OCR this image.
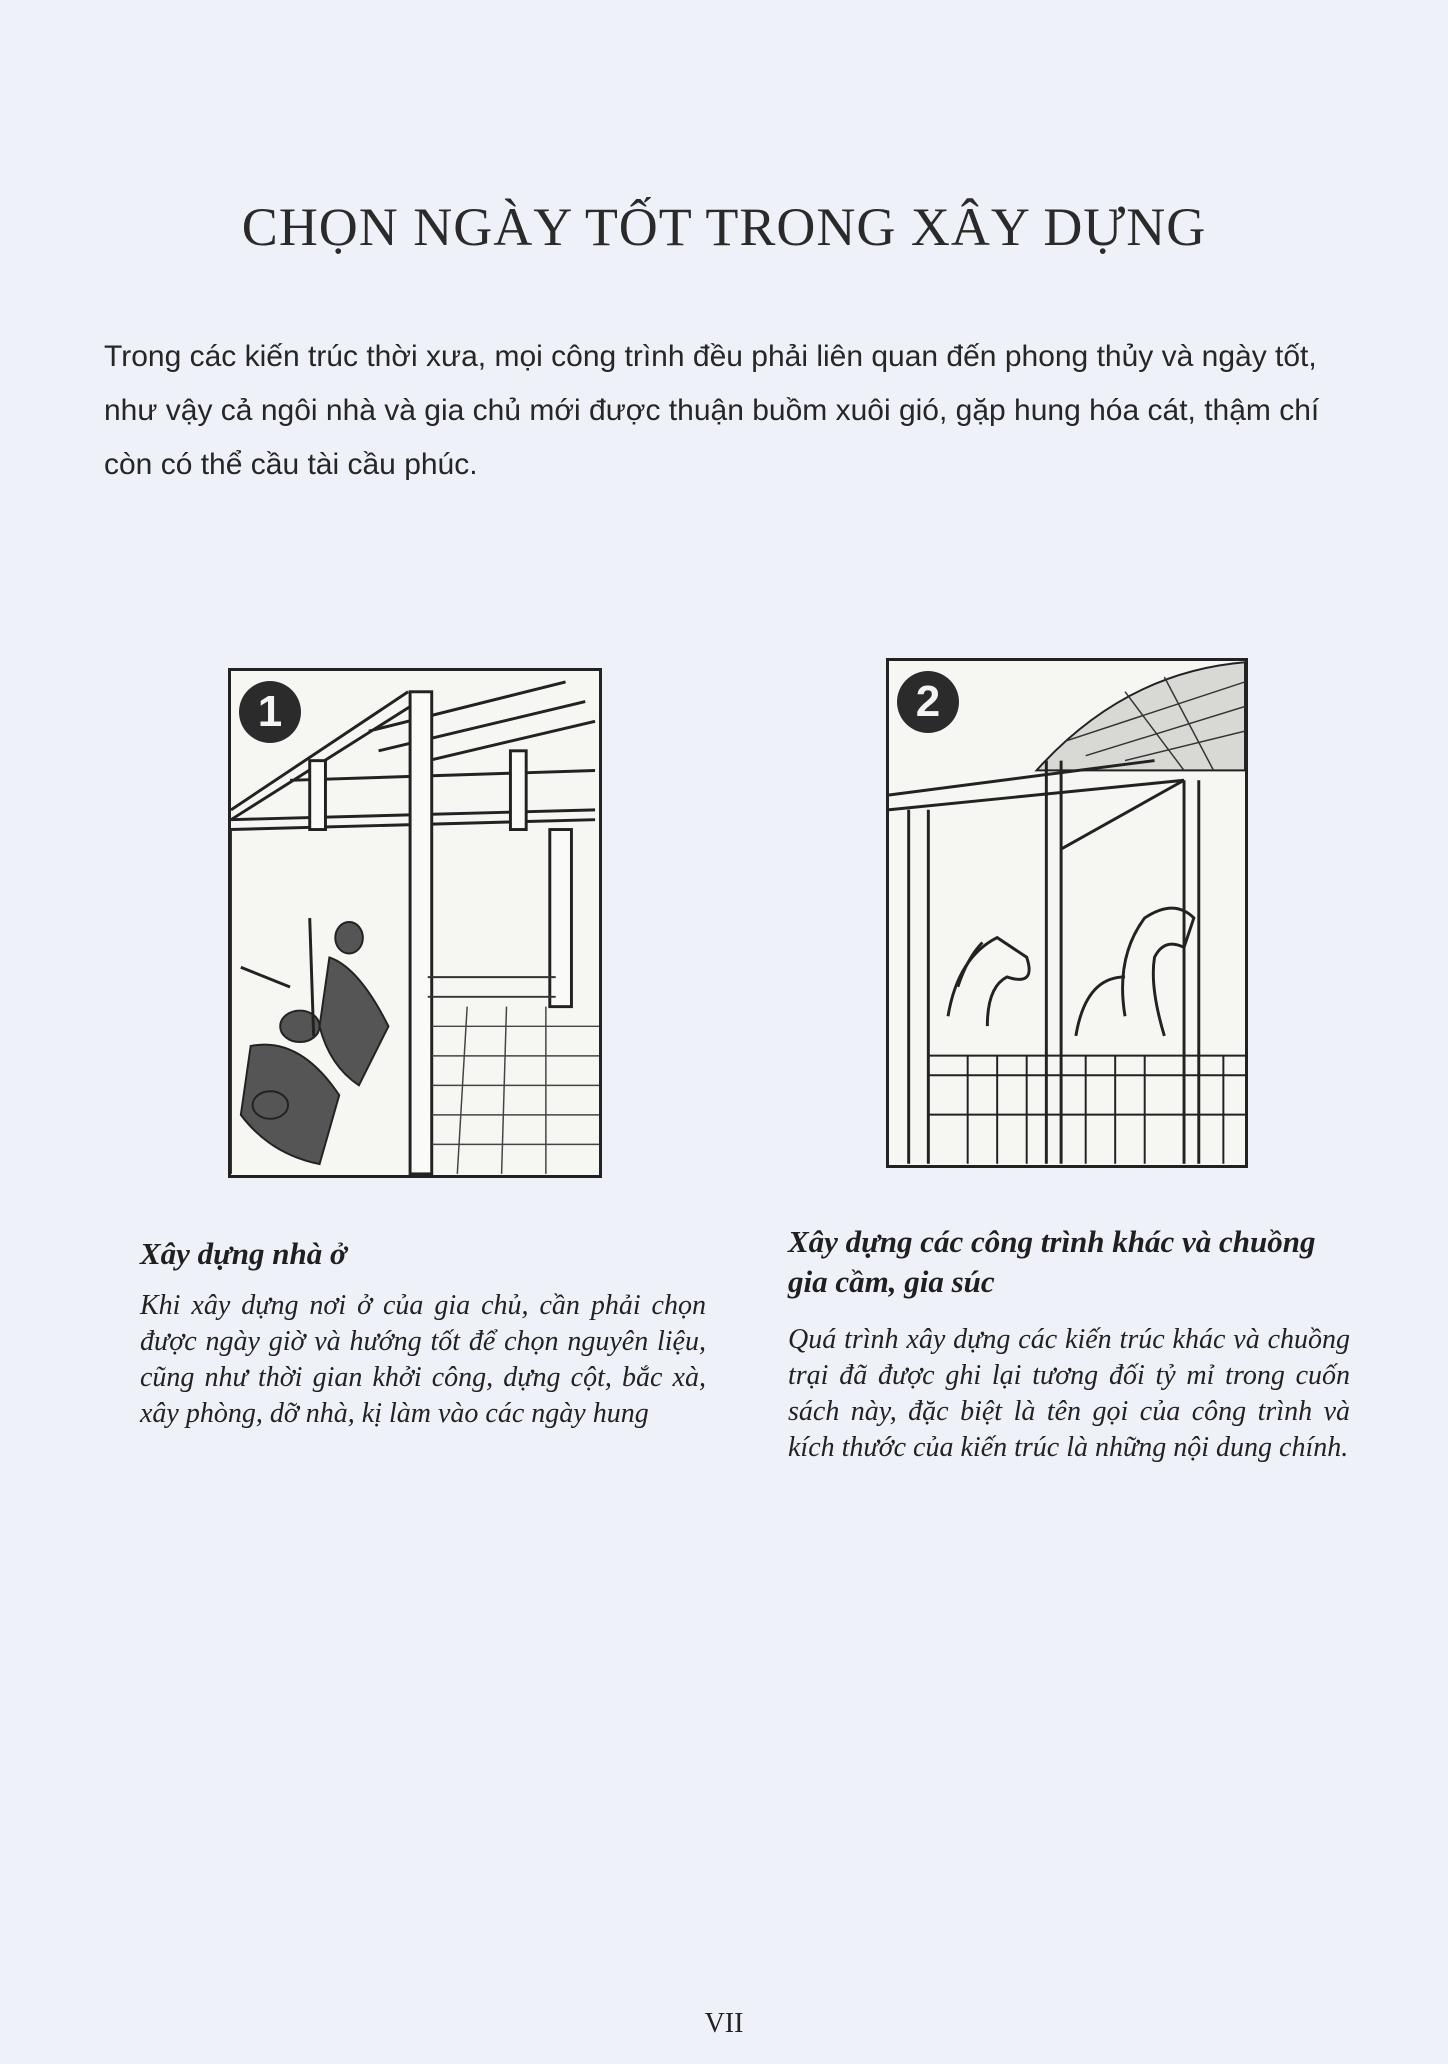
CHỌN NGÀY TỐT TRONG XÂY DỰNG
Trong các kiến trúc thời xưa, mọi công trình đều phải liên quan đến phong thủy và ngày tốt, như vậy cả ngôi nhà và gia chủ mới được thuận buồm xuôi gió, gặp hung hóa cát, thậm chí còn có thể cầu tài cầu phúc.
1	2
Xây dựng nhà ở
Khi xây dựng nơi ở của gia chủ, cần phải chọn được ngày giờ và hướng tốt để chọn nguyên liệu, cũng như thời gian khởi công, dựng cột, bắc xà, xây phòng, dỡ nhà, kị làm vào các ngày hung
Xây dựng các công trình khác và chuồng gia cầm, gia súc
Quá trình xây dựng các kiến trúc khác và chuồng trại đã được ghi lại tương đối tỷ mỉ trong cuốn sách này, đặc biệt là tên gọi của công trình và kích thước của kiến trúc là những nội dung chính.
VII
